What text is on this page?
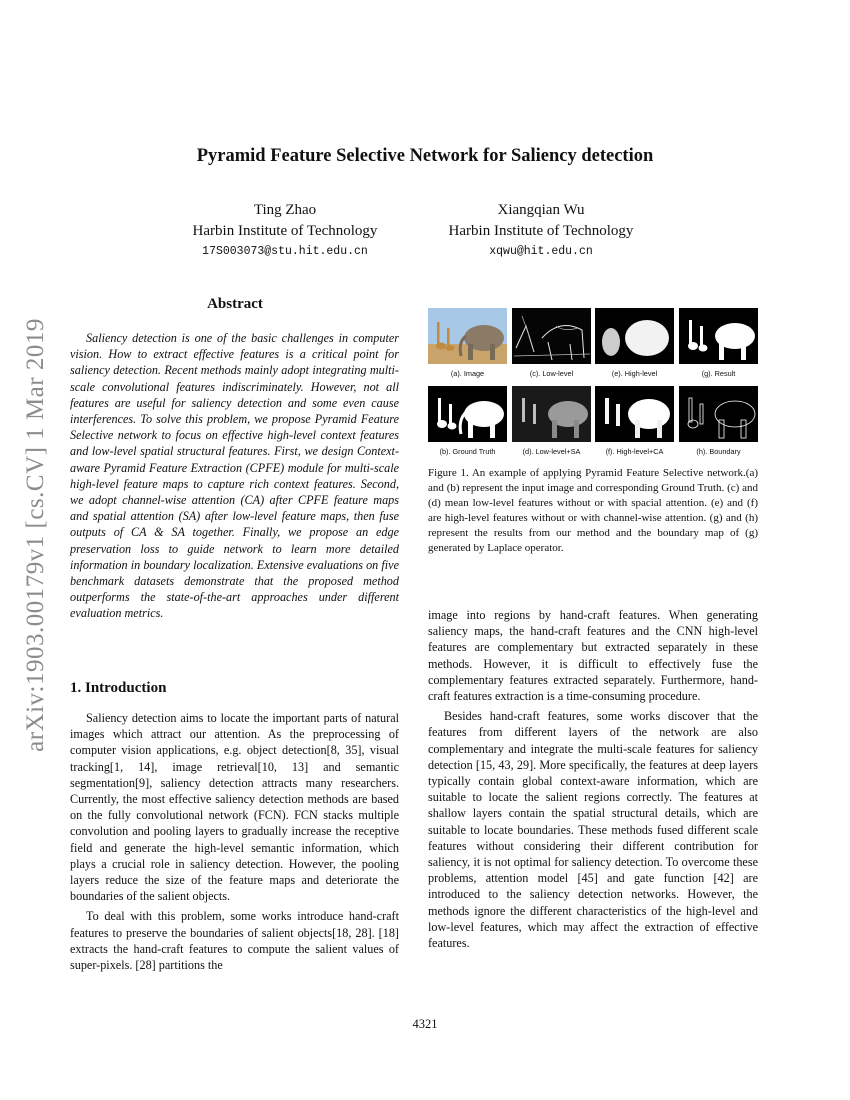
arXiv:1903.00179v1 [cs.CV] 1 Mar 2019
Pyramid Feature Selective Network for Saliency detection
Ting Zhao
Harbin Institute of Technology
17S003073@stu.hit.edu.cn
Xiangqian Wu
Harbin Institute of Technology
xqwu@hit.edu.cn
Abstract

Saliency detection is one of the basic challenges in computer vision. How to extract effective features is a critical point for saliency detection. Recent methods mainly adopt integrating multi-scale convolutional features indiscriminately. However, not all features are useful for saliency detection and some even cause interferences. To solve this problem, we propose Pyramid Feature Selective network to focus on effective high-level context features and low-level spatial structural features. First, we design Context-aware Pyramid Feature Extraction (CPFE) module for multi-scale high-level feature maps to capture rich context features. Second, we adopt channel-wise attention (CA) after CPFE feature maps and spatial attention (SA) after low-level feature maps, then fuse outputs of CA & SA together. Finally, we propose an edge preservation loss to guide network to learn more detailed information in boundary localization. Extensive evaluations on five benchmark datasets demonstrate that the proposed method outperforms the state-of-the-art approaches under different evaluation metrics.

1. Introduction

Saliency detection aims to locate the important parts of natural images which attract our attention. As the preprocessing of computer vision applications, e.g. object detection[8, 35], visual tracking[1, 14], image retrieval[10, 13] and semantic segmentation[9], saliency detection attracts many researchers. Currently, the most effective saliency detection methods are based on the fully convolutional network (FCN). FCN stacks multiple convolution and pooling layers to gradually increase the receptive field and generate the high-level semantic information, which plays a crucial role in saliency detection. However, the pooling layers reduce the size of the feature maps and deteriorate the boundaries of the salient objects.

To deal with this problem, some works introduce hand-craft features to preserve the boundaries of salient objects[18, 28]. [18] extracts the hand-craft features to compute the salient values of super-pixels. [28] partitions the

(a). Image	(c). Low-level	(e). High-level	(g). Result
(b). Ground Truth	(d). Low-level+SA	(f). High-level+CA	(h). Boundary
Figure 1. An example of applying Pyramid Feature Selective network.(a) and (b) represent the input image and corresponding Ground Truth. (c) and (d) mean low-level features without or with spacial attention. (e) and (f) are high-level features without or with channel-wise attention. (g) and (h) represent the results from our method and the boundary map of (g) generated by Laplace operator.

image into regions by hand-craft features. When generating saliency maps, the hand-craft features and the CNN high-level features are complementary but extracted separately in these methods. However, it is difficult to effectively fuse the complementary features extracted separately. Furthermore, hand-craft features extraction is a time-consuming procedure.

Besides hand-craft features, some works discover that the features from different layers of the network are also complementary and integrate the multi-scale features for saliency detection [15, 43, 29]. More specifically, the features at deep layers typically contain global context-aware information, which are suitable to locate the salient regions correctly. The features at shallow layers contain the spatial structural details, which are suitable to locate boundaries. These methods fused different scale features without considering their different contribution for saliency, it is not optimal for saliency detection. To overcome these problems, attention model [45] and gate function [42] are introduced to the saliency detection networks. However, the methods ignore the different characteristics of the high-level and low-level features, which may affect the extraction of effective features.

4321
